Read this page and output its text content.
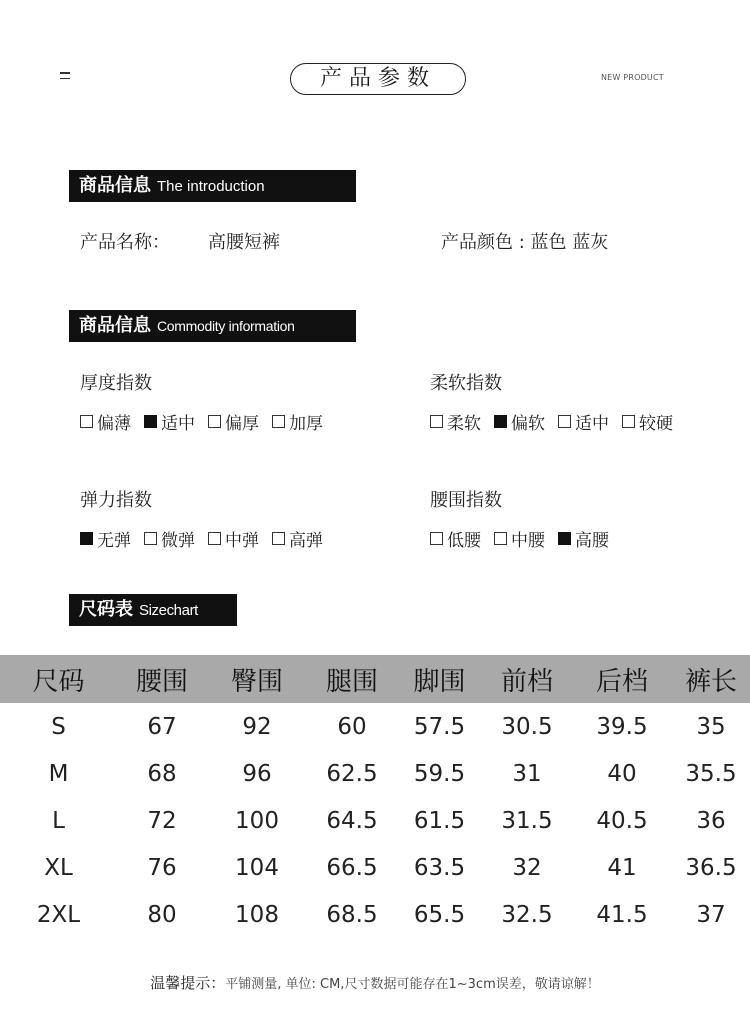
产品参数	NEW PRODUCT
商品信息 The introduction
产品名称： 高腰短裤	产品颜色 : 蓝色 蓝灰
商品信息 Commodity information
厚度指数
偏薄 适中 偏厚 加厚
柔软指数
柔软 偏软 适中 较硬
弹力指数
无弹 微弹 中弹 高弹
腰围指数
低腰 中腰 高腰
尺码表 Sizechart
尺码	腰围	臀围	腿围	脚围	前档	后档	裤长
S	67	92	60	57.5	30.5	39.5	35
M	68	96	62.5	59.5	31	40	35.5
L	72	100	64.5	61.5	31.5	40.5	36
XL	76	104	66.5	63.5	32	41	36.5
2XL	80	108	68.5	65.5	32.5	41.5	37
温馨提示：平铺测量, 单位: CM,尺寸数据可能存在1~3cm误差，敬请谅解！
